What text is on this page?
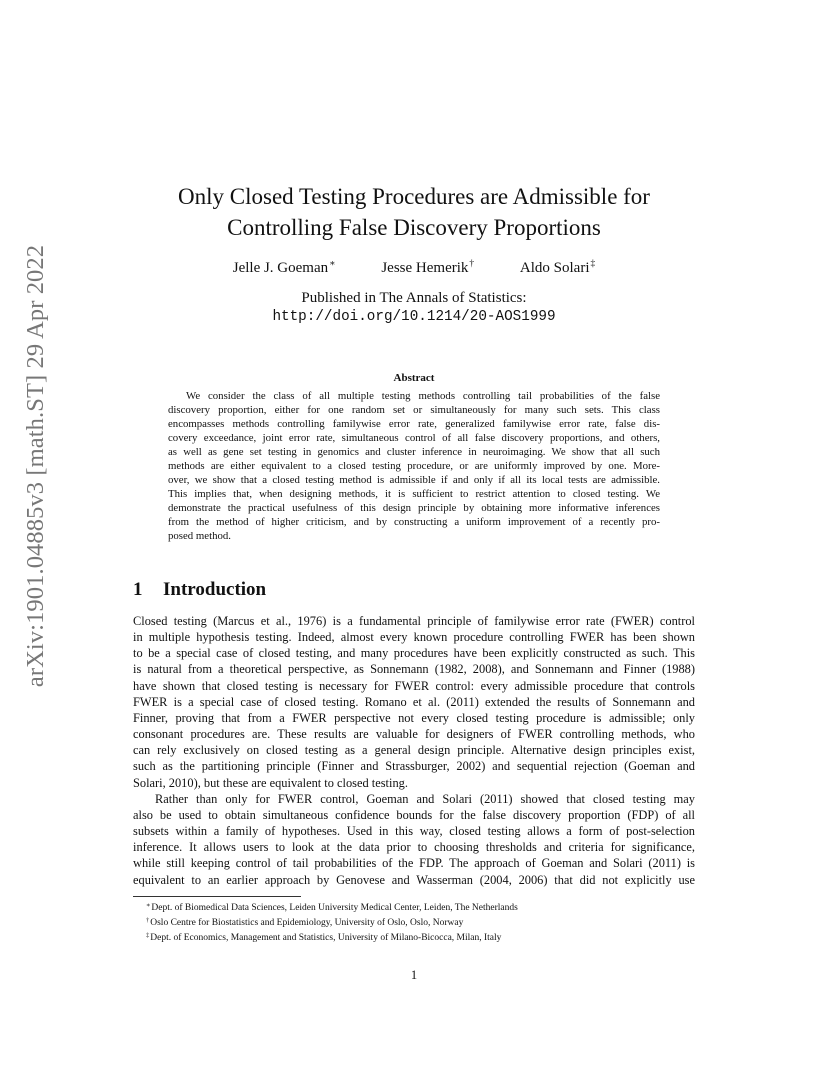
arXiv:1901.04885v3 [math.ST] 29 Apr 2022
Only Closed Testing Procedures are Admissible for
Controlling False Discovery Proportions
Jelle J. Goeman∗	Jesse Hemerik†	Aldo Solari‡
Published in The Annals of Statistics:
http://doi.org/10.1214/20-AOS1999
Abstract
We consider the class of all multiple testing methods controlling tail probabilities of the false
discovery proportion, either for one random set or simultaneously for many such sets. This class
encompasses methods controlling familywise error rate, generalized familywise error rate, false dis-
covery exceedance, joint error rate, simultaneous control of all false discovery proportions, and others,
as well as gene set testing in genomics and cluster inference in neuroimaging. We show that all such
methods are either equivalent to a closed testing procedure, or are uniformly improved by one. More-
over, we show that a closed testing method is admissible if and only if all its local tests are admissible.
This implies that, when designing methods, it is sufficient to restrict attention to closed testing. We
demonstrate the practical usefulness of this design principle by obtaining more informative inferences
from the method of higher criticism, and by constructing a uniform improvement of a recently pro-
posed method.
1 Introduction
Closed testing (Marcus et al., 1976) is a fundamental principle of familywise error rate (FWER) control
in multiple hypothesis testing. Indeed, almost every known procedure controlling FWER has been shown
to be a special case of closed testing, and many procedures have been explicitly constructed as such. This
is natural from a theoretical perspective, as Sonnemann (1982, 2008), and Sonnemann and Finner (1988)
have shown that closed testing is necessary for FWER control: every admissible procedure that controls
FWER is a special case of closed testing. Romano et al. (2011) extended the results of Sonnemann and
Finner, proving that from a FWER perspective not every closed testing procedure is admissible; only
consonant procedures are. These results are valuable for designers of FWER controlling methods, who
can rely exclusively on closed testing as a general design principle. Alternative design principles exist,
such as the partitioning principle (Finner and Strassburger, 2002) and sequential rejection (Goeman and
Solari, 2010), but these are equivalent to closed testing.
Rather than only for FWER control, Goeman and Solari (2011) showed that closed testing may
also be used to obtain simultaneous confidence bounds for the false discovery proportion (FDP) of all
subsets within a family of hypotheses. Used in this way, closed testing allows a form of post-selection
inference. It allows users to look at the data prior to choosing thresholds and criteria for significance,
while still keeping control of tail probabilities of the FDP. The approach of Goeman and Solari (2011) is
equivalent to an earlier approach by Genovese and Wasserman (2004, 2006) that did not explicitly use
∗Dept. of Biomedical Data Sciences, Leiden University Medical Center, Leiden, The Netherlands
†Oslo Centre for Biostatistics and Epidemiology, University of Oslo, Oslo, Norway
‡Dept. of Economics, Management and Statistics, University of Milano-Bicocca, Milan, Italy
1
